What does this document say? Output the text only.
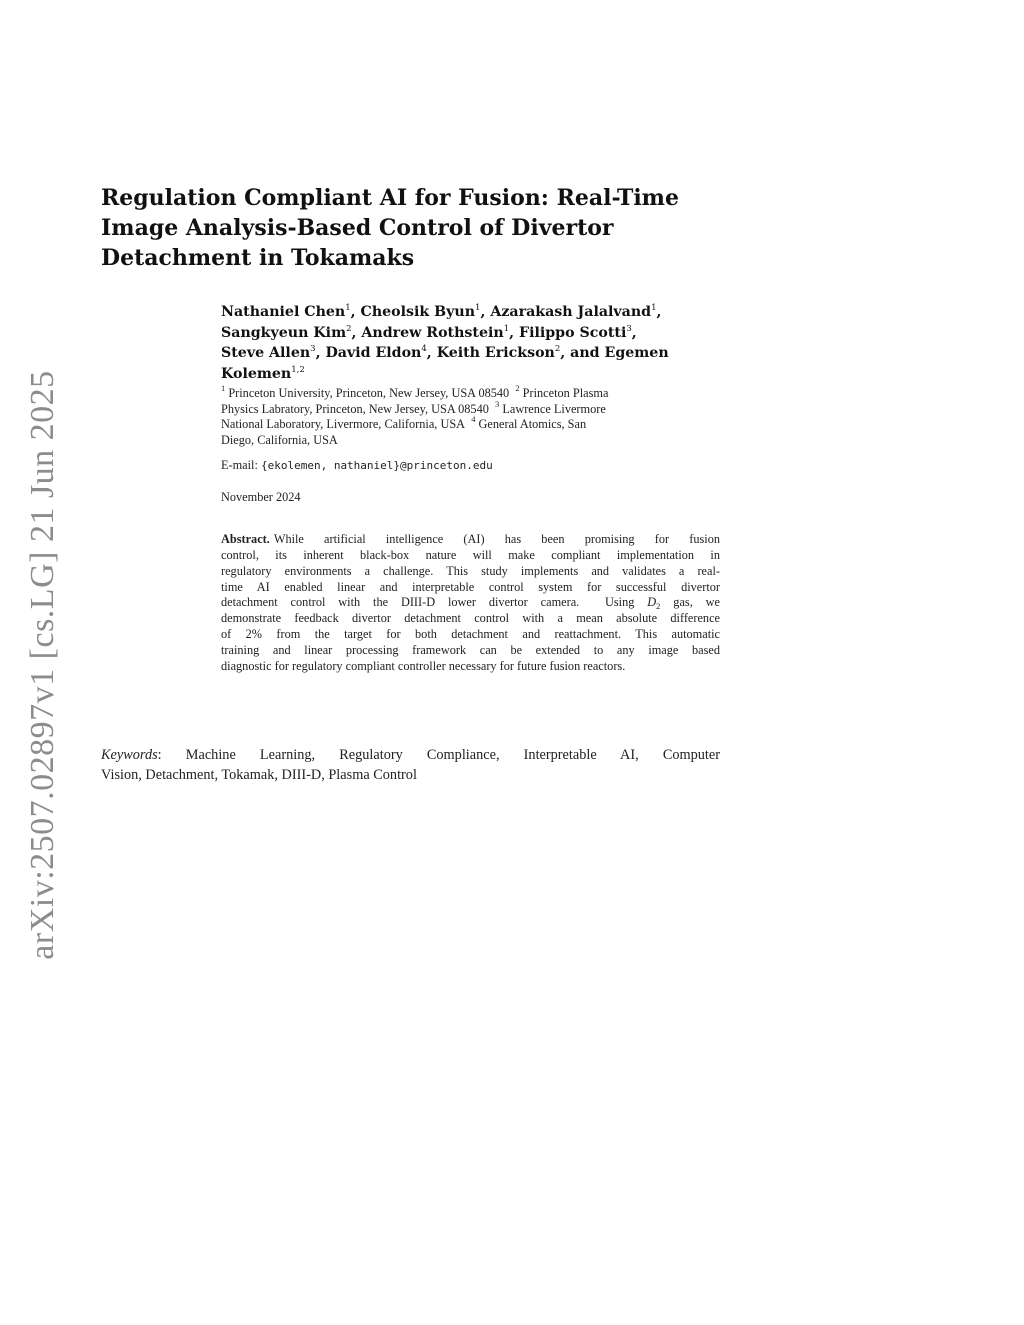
arXiv:2507.02897v1 [cs.LG] 21 Jun 2025
Regulation Compliant AI for Fusion: Real-Time
Image Analysis-Based Control of Divertor
Detachment in Tokamaks
Nathaniel Chen$^1$, Cheolsik Byun$^1$, Azarakash Jalalvand$^1$,
Sangkyeun Kim$^2$, Andrew Rothstein$^1$, Filippo Scotti$^3$,
Steve Allen$^3$, David Eldon$^4$, Keith Erickson$^2$, and Egemen
Kolemen$^{1,2}$
$^1$ Princeton University, Princeton, New Jersey, USA 08540 $^2$ Princeton Plasma
Physics Labratory, Princeton, New Jersey, USA 08540 $^3$ Lawrence Livermore
National Laboratory, Livermore, California, USA $^4$ General Atomics, San
Diego, California, USA
E-mail: {ekolemen, nathaniel}@princeton.edu
November 2024
Abstract. While artificial intelligence (AI) has been promising for fusion
control, its inherent black-box nature will make compliant implementation in
regulatory environments a challenge. This study implements and validates a real-
time AI enabled linear and interpretable control system for successful divertor
detachment control with the DIII-D lower divertor camera.  Using $D_2$ gas, we
demonstrate feedback divertor detachment control with a mean absolute difference
of 2% from the target for both detachment and reattachment. This automatic
training and linear processing framework can be extended to any image based
diagnostic for regulatory compliant controller necessary for future fusion reactors.
Keywords: Machine Learning, Regulatory Compliance, Interpretable AI, Computer
Vision, Detachment, Tokamak, DIII-D, Plasma Control
